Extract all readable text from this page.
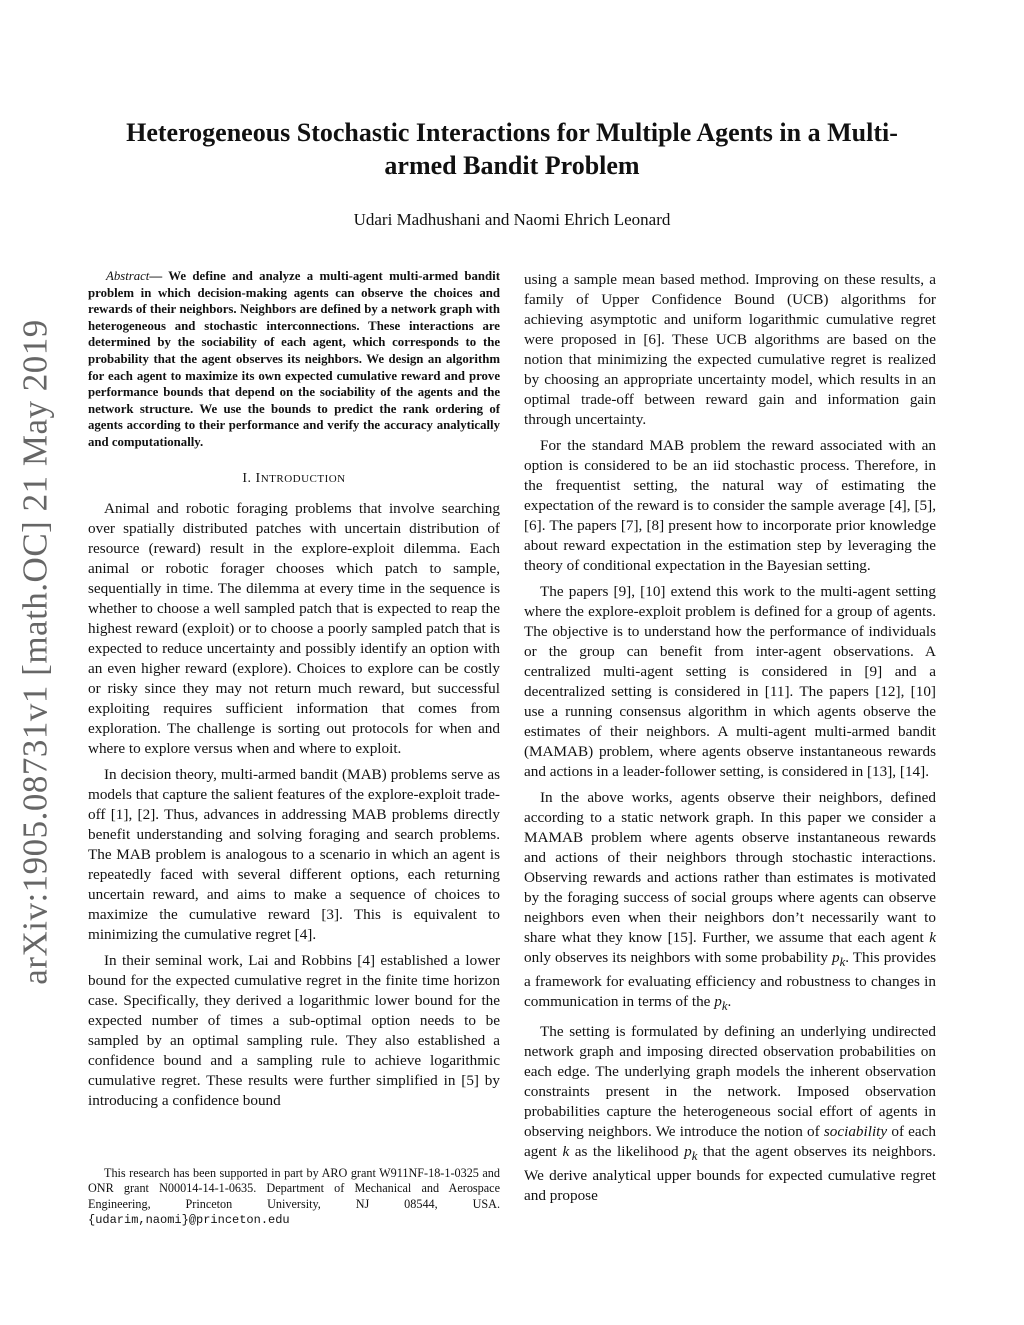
arXiv:1905.08731v1 [math.OC] 21 May 2019
Heterogeneous Stochastic Interactions for Multiple Agents in a Multi-armed Bandit Problem
Udari Madhushani and Naomi Ehrich Leonard

Abstract— We define and analyze a multi-agent multi-armed bandit problem in which decision-making agents can observe the choices and rewards of their neighbors. Neighbors are defined by a network graph with heterogeneous and stochastic interconnections. These interactions are determined by the sociability of each agent, which corresponds to the probability that the agent observes its neighbors. We design an algorithm for each agent to maximize its own expected cumulative reward and prove performance bounds that depend on the sociability of the agents and the network structure. We use the bounds to predict the rank ordering of agents according to their performance and verify the accuracy analytically and computationally.

I. INTRODUCTION

Animal and robotic foraging problems that involve searching over spatially distributed patches with uncertain distribution of resource (reward) result in the explore-exploit dilemma. Each animal or robotic forager chooses which patch to sample, sequentially in time. The dilemma at every time in the sequence is whether to choose a well sampled patch that is expected to reap the highest reward (exploit) or to choose a poorly sampled patch that is expected to reduce uncertainty and possibly identify an option with an even higher reward (explore). Choices to explore can be costly or risky since they may not return much reward, but successful exploiting requires sufficient information that comes from exploration. The challenge is sorting out protocols for when and where to explore versus when and where to exploit.

In decision theory, multi-armed bandit (MAB) problems serve as models that capture the salient features of the explore-exploit trade-off [1], [2]. Thus, advances in addressing MAB problems directly benefit understanding and solving foraging and search problems. The MAB problem is analogous to a scenario in which an agent is repeatedly faced with several different options, each returning uncertain reward, and aims to make a sequence of choices to maximize the cumulative reward [3]. This is equivalent to minimizing the cumulative regret [4].

In their seminal work, Lai and Robbins [4] established a lower bound for the expected cumulative regret in the finite time horizon case. Specifically, they derived a logarithmic lower bound for the expected number of times a sub-optimal option needs to be sampled by an optimal sampling rule. They also established a confidence bound and a sampling rule to achieve logarithmic cumulative regret. These results were further simplified in [5] by introducing a confidence bound

This research has been supported in part by ARO grant W911NF-18-1-0325 and ONR grant N00014-14-1-0635. Department of Mechanical and Aerospace Engineering, Princeton University, NJ 08544, USA. {udarim,naomi}@princeton.edu

using a sample mean based method. Improving on these results, a family of Upper Confidence Bound (UCB) algorithms for achieving asymptotic and uniform logarithmic cumulative regret were proposed in [6]. These UCB algorithms are based on the notion that minimizing the expected cumulative regret is realized by choosing an appropriate uncertainty model, which results in an optimal trade-off between reward gain and information gain through uncertainty.

For the standard MAB problem the reward associated with an option is considered to be an iid stochastic process. Therefore, in the frequentist setting, the natural way of estimating the expectation of the reward is to consider the sample average [4], [5], [6]. The papers [7], [8] present how to incorporate prior knowledge about reward expectation in the estimation step by leveraging the theory of conditional expectation in the Bayesian setting.

The papers [9], [10] extend this work to the multi-agent setting where the explore-exploit problem is defined for a group of agents. The objective is to understand how the performance of individuals or the group can benefit from inter-agent observations. A centralized multi-agent setting is considered in [9] and a decentralized setting is considered in [11]. The papers [12], [10] use a running consensus algorithm in which agents observe the estimates of their neighbors. A multi-agent multi-armed bandit (MAMAB) problem, where agents observe instantaneous rewards and actions in a leader-follower setting, is considered in [13], [14].

In the above works, agents observe their neighbors, defined according to a static network graph. In this paper we consider a MAMAB problem where agents observe instantaneous rewards and actions of their neighbors through stochastic interactions. Observing rewards and actions rather than estimates is motivated by the foraging success of social groups where agents can observe neighbors even when their neighbors don’t necessarily want to share what they know [15]. Further, we assume that each agent k only observes its neighbors with some probability $p_k$. This provides a framework for evaluating efficiency and robustness to changes in communication in terms of the $p_k$.

The setting is formulated by defining an underlying undirected network graph and imposing directed observation probabilities on each edge. The underlying graph models the inherent observation constraints present in the network. Imposed observation probabilities capture the heterogeneous social effort of agents in observing neighbors. We introduce the notion of sociability of each agent k as the likelihood $p_k$ that the agent observes its neighbors. We derive analytical upper bounds for expected cumulative regret and propose
